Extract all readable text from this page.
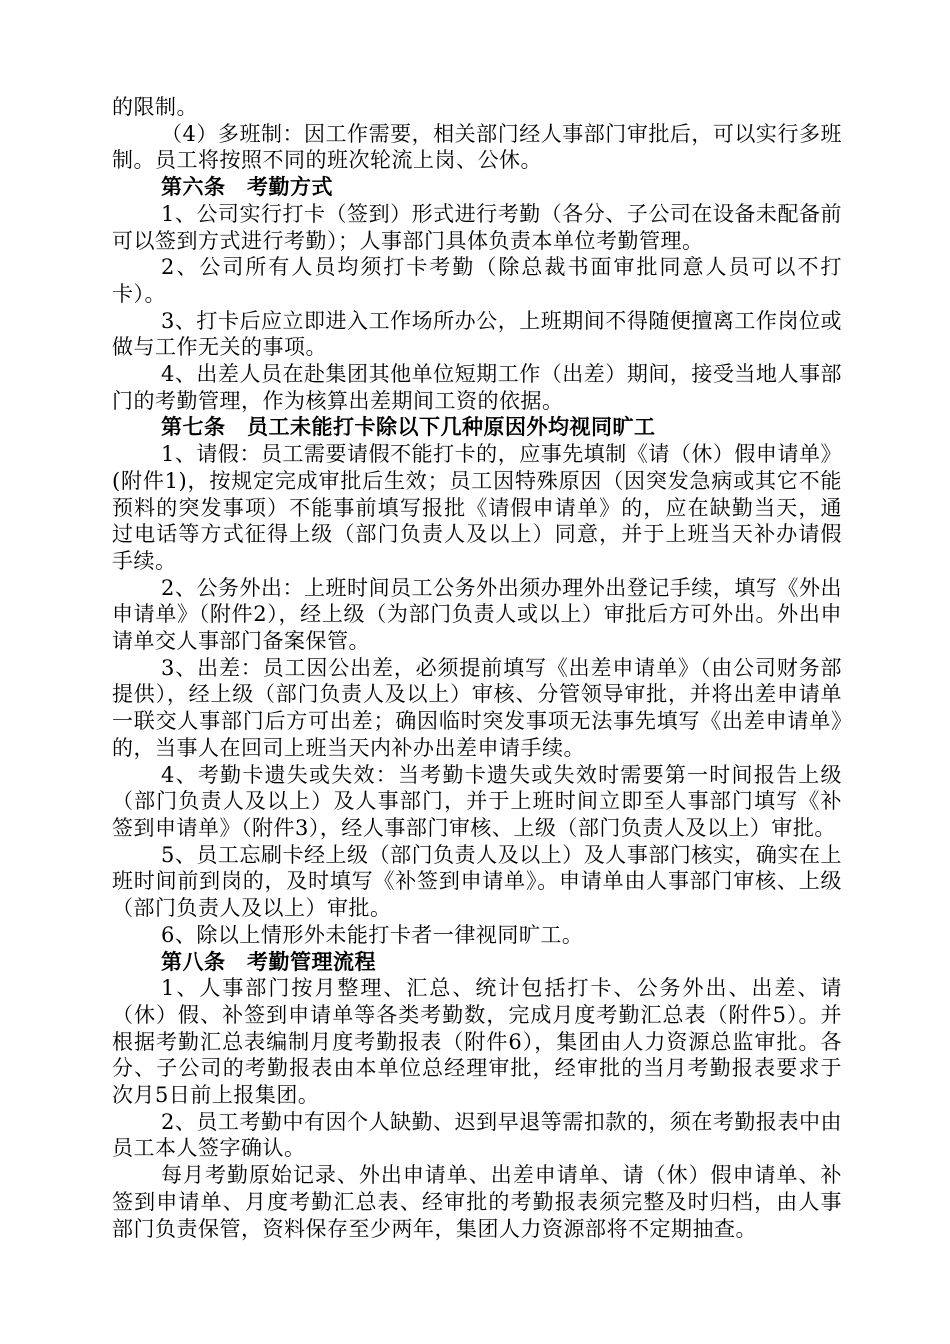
的限制。

（4）多班制：因工作需要，相关部门经人事部门审批后，可以实行多班制。员工将按照不同的班次轮流上岗、公休。

第六条　考勤方式

1、公司实行打卡（签到）形式进行考勤（各分、子公司在设备未配备前可以签到方式进行考勤）；人事部门具体负责本单位考勤管理。

2、公司所有人员均须打卡考勤（除总裁书面审批同意人员可以不打卡）。

3、打卡后应立即进入工作场所办公，上班期间不得随便擅离工作岗位或做与工作无关的事项。

4、出差人员在赴集团其他单位短期工作（出差）期间，接受当地人事部门的考勤管理，作为核算出差期间工资的依据。

第七条　员工未能打卡除以下几种原因外均视同旷工

1、请假：员工需要请假不能打卡的，应事先填制《请（休）假申请单》(附件1)，按规定完成审批后生效；员工因特殊原因（因突发急病或其它不能预料的突发事项）不能事前填写报批《请假申请单》的，应在缺勤当天，通过电话等方式征得上级（部门负责人及以上）同意，并于上班当天补办请假手续。

2、公务外出：上班时间员工公务外出须办理外出登记手续，填写《外出申请单》（附件2），经上级（为部门负责人或以上）审批后方可外出。外出申请单交人事部门备案保管。

3、出差：员工因公出差，必须提前填写《出差申请单》（由公司财务部提供），经上级（部门负责人及以上）审核、分管领导审批，并将出差申请单一联交人事部门后方可出差；确因临时突发事项无法事先填写《出差申请单》的，当事人在回司上班当天内补办出差申请手续。

4、考勤卡遗失或失效：当考勤卡遗失或失效时需要第一时间报告上级（部门负责人及以上）及人事部门，并于上班时间立即至人事部门填写《补签到申请单》（附件3），经人事部门审核、上级（部门负责人及以上）审批。

5、员工忘刷卡经上级（部门负责人及以上）及人事部门核实，确实在上班时间前到岗的，及时填写《补签到申请单》。申请单由人事部门审核、上级（部门负责人及以上）审批。

6、除以上情形外未能打卡者一律视同旷工。

第八条　考勤管理流程

1、人事部门按月整理、汇总、统计包括打卡、公务外出、出差、请（休）假、补签到申请单等各类考勤数，完成月度考勤汇总表（附件5）。并根据考勤汇总表编制月度考勤报表（附件6），集团由人力资源总监审批。各分、子公司的考勤报表由本单位总经理审批，经审批的当月考勤报表要求于次月5日前上报集团。

2、员工考勤中有因个人缺勤、迟到早退等需扣款的，须在考勤报表中由员工本人签字确认。

每月考勤原始记录、外出申请单、出差申请单、请（休）假申请单、补签到申请单、月度考勤汇总表、经审批的考勤报表须完整及时归档，由人事部门负责保管，资料保存至少两年，集团人力资源部将不定期抽查。
